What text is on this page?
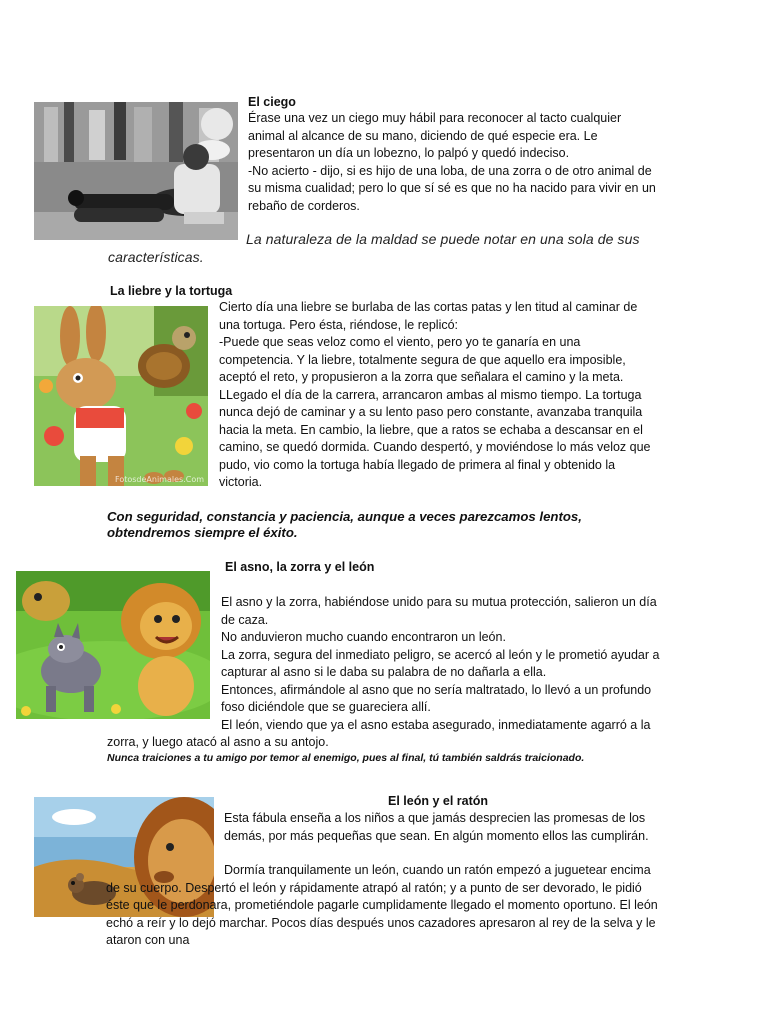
El ciego

Érase una vez un ciego muy hábil para reconocer al tacto cualquier animal al alcance de su mano, diciendo de qué especie era. Le presentaron un día un lobezno, lo palpó y quedó indeciso.

-No acierto - dijo, si es hijo de una loba, de una zorra o de otro animal de su misma cualidad; pero lo que sí sé es que no ha nacido para vivir en un rebaño de corderos.

La naturaleza de la maldad se puede notar en una sola de sus características.
La liebre y la tortuga
FotosdeAnimales.Com

Cierto día una liebre se burlaba de las cortas patas y len titud al caminar de una tortuga. Pero ésta, riéndose, le replicó:

-Puede que seas veloz como el viento, pero yo te ganaría en una competencia. Y la liebre, totalmente segura de que aquello era imposible, aceptó el reto, y propusieron a la zorra que señalara el camino y la meta.

LLegado el día de la carrera, arrancaron ambas al mismo tiempo. La tortuga nunca dejó de caminar y a su lento paso pero constante, avanzaba tranquila hacia la meta. En cambio, la liebre, que a ratos se echaba a descansar en el camino, se quedó dormida. Cuando despertó, y moviéndose lo más veloz que pudo, vio como la tortuga había llegado de primera al final y obtenido la victoria.

Con seguridad, constancia y paciencia, aunque a veces parezcamos lentos, obtendremos siempre el éxito.
El asno, la zorra y el león

El asno y la zorra, habiéndose unido para su mutua protección, salieron un día de caza.

No anduvieron mucho cuando encontraron un león.

La zorra, segura del inmediato peligro, se acercó al león y le prometió ayudar a capturar al asno si le daba su palabra de no dañarla a ella.

Entonces, afirmándole al asno que no sería maltratado, lo llevó a un profundo foso diciéndole que se guareciera allí.

El león, viendo que ya el asno estaba asegurado, inmediatamente agarró a la zorra, y luego atacó al asno a su antojo.

Nunca traiciones a tu amigo por temor al enemigo, pues al final, tú también saldrás traicionado.
El león y el ratón
Esta fábula enseña a los niños a que jamás desprecien las promesas de los demás, por más pequeñas que sean. En algún momento ellos las cumplirán.
Dormía tranquilamente un león, cuando un ratón empezó a juguetear encima de su cuerpo. Despertó el león y rápidamente atrapó al ratón; y a punto de ser devorado, le pidió éste que le perdonara, prometiéndole pagarle cumplidamente llegado el momento oportuno. El león echó a reír y lo dejó marchar. Pocos días después unos cazadores apresaron al rey de la selva y le ataron con una
